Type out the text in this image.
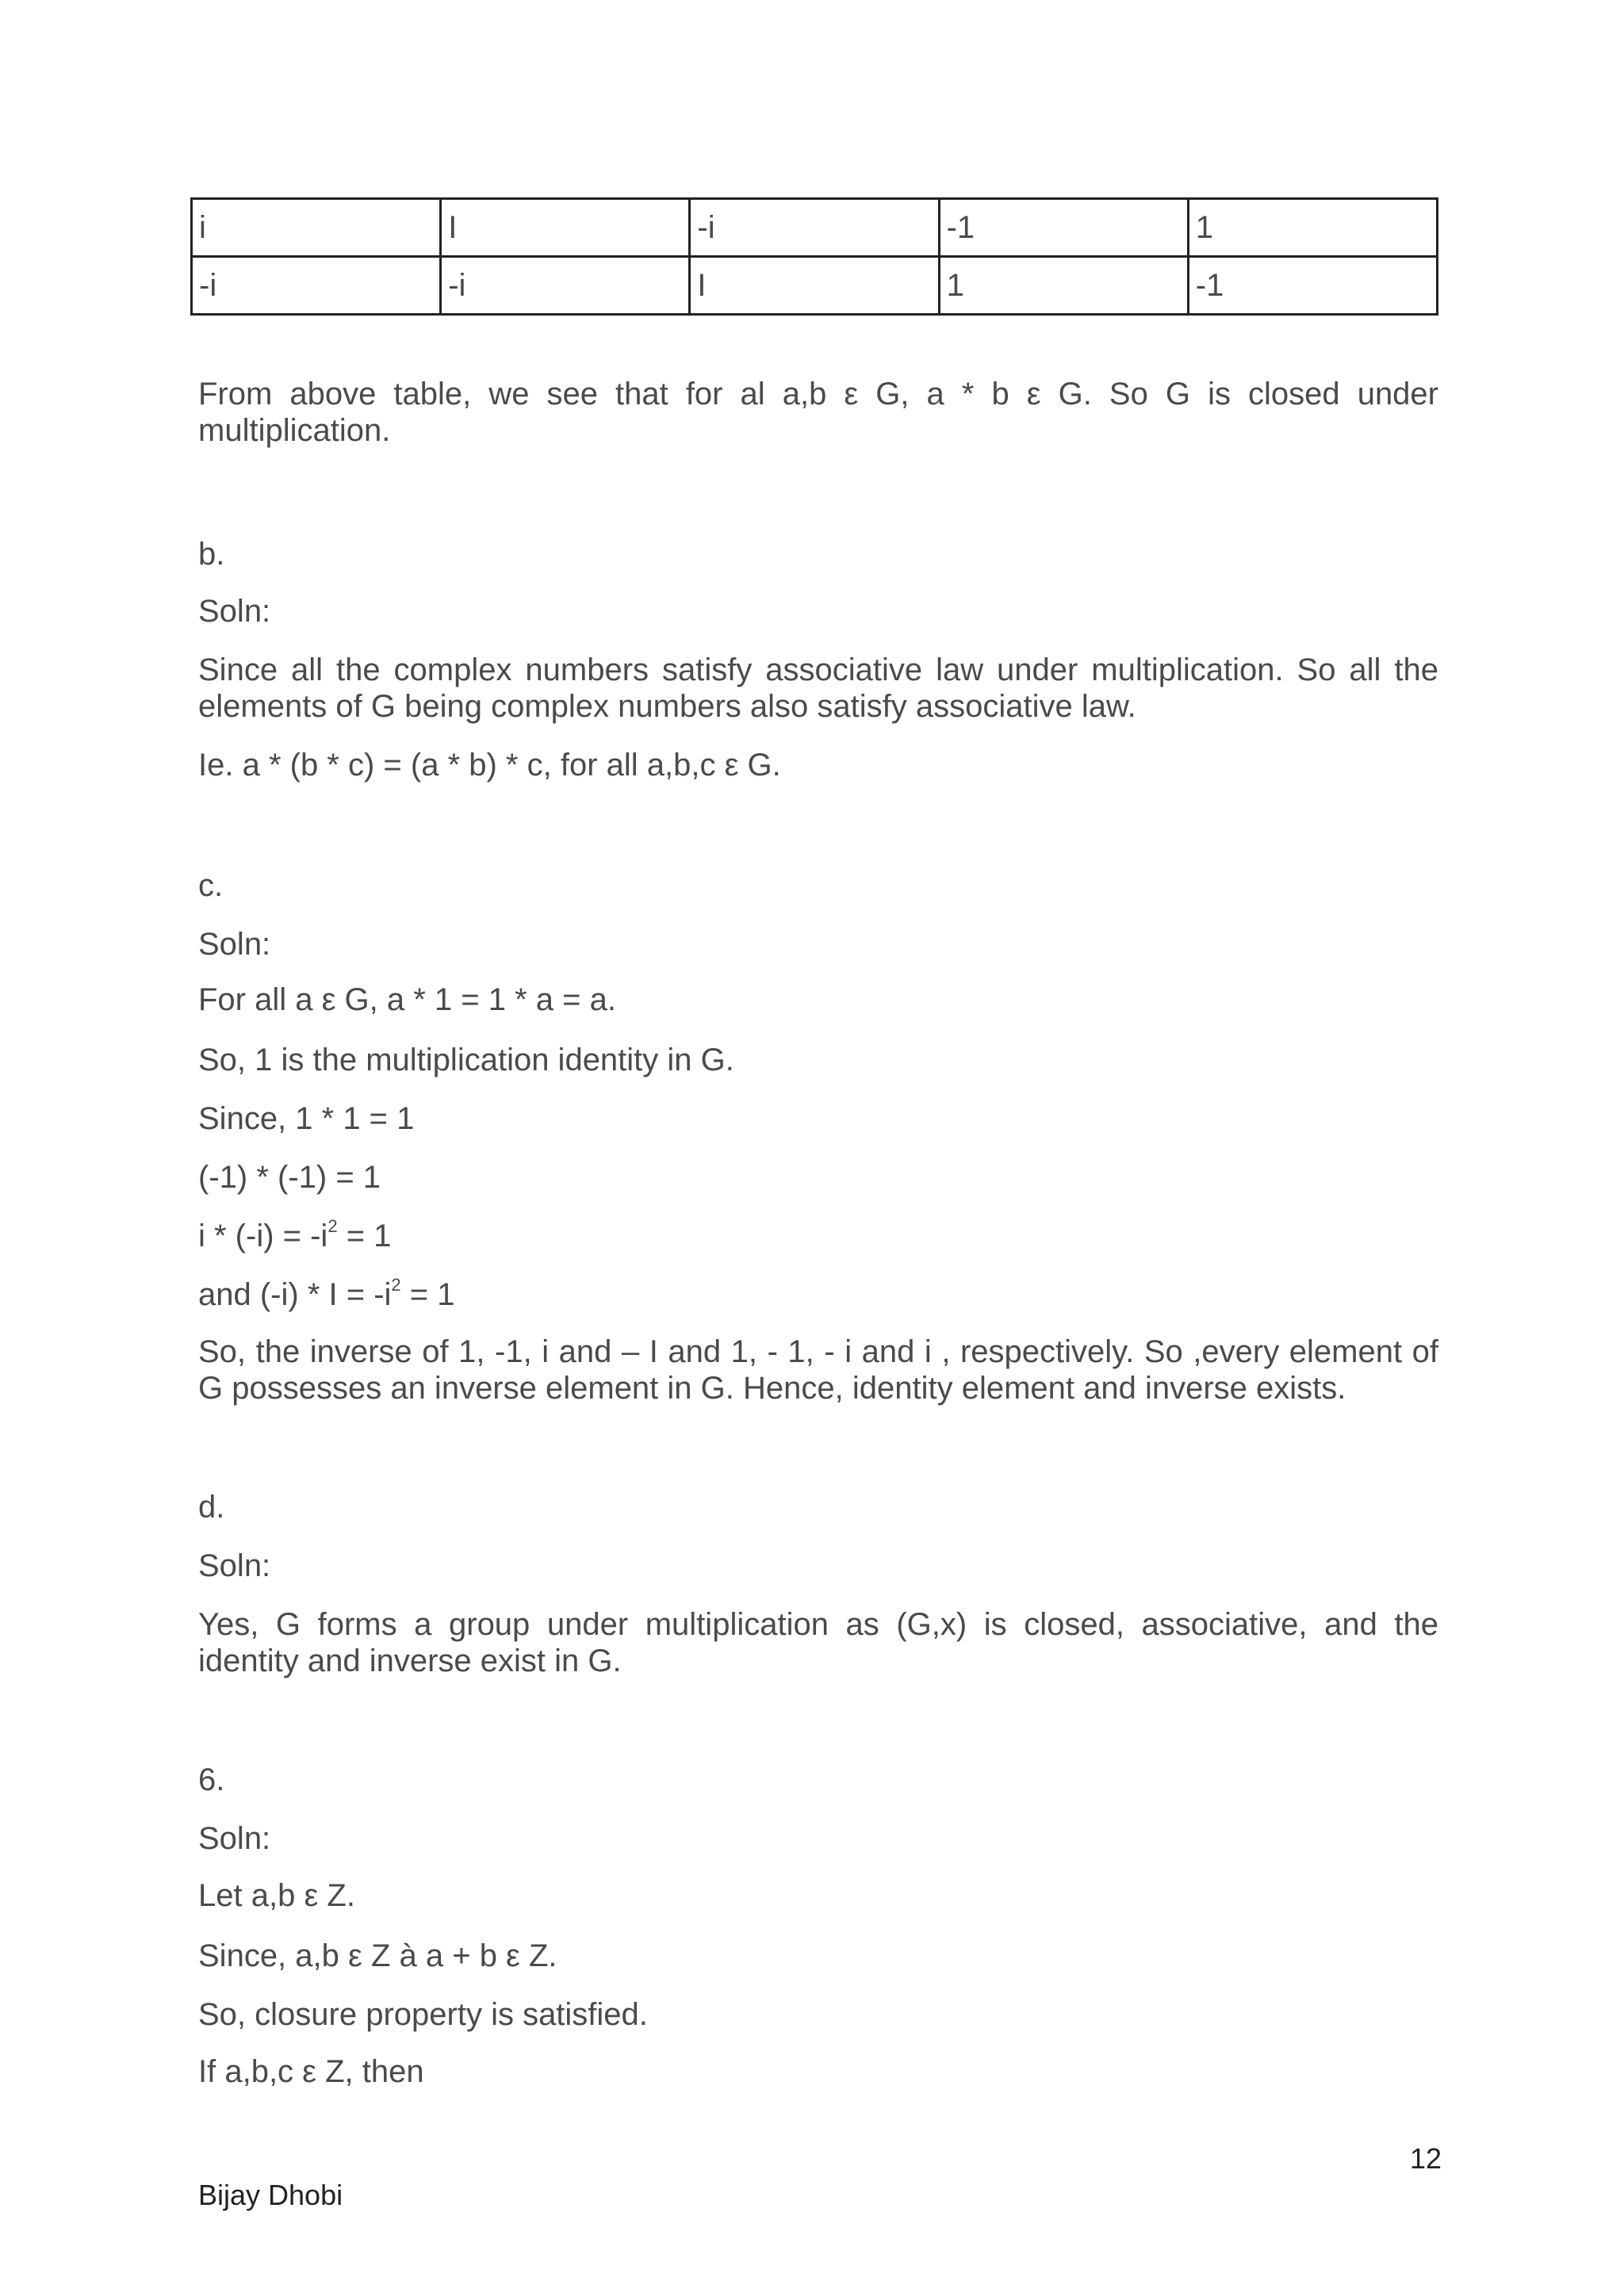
i	I	-i	-1	1
-i	-i	I	1	-1

From above table, we see that for al a,b ε G, a * b ε G. So G is closed under multiplication.

b.

Soln:

Since all the complex numbers satisfy associative law under multiplication. So all the elements of G being complex numbers also satisfy associative law.

Ie. a * (b * c) = (a * b) * c, for all a,b,c ε G.

c.

Soln:

For all a ε G, a * 1 = 1 * a = a.

So, 1 is the multiplication identity in G.

Since, 1 * 1 = 1

(-1) * (-1) = 1

$i * (-i) = -i^2 = 1$

and $(-i) * I = -i^2 = 1$

So, the inverse of 1, -1, i and – I and 1, - 1, - i and i , respectively. So ,every element of G possesses an inverse element in G. Hence, identity element and inverse exists.

d.

Soln:

Yes, G forms a group under multiplication as (G,x) is closed, associative, and the identity and inverse exist in G.

6.

Soln:

Let a,b ε Z.

Since, a,b ε Z à a + b ε Z.

So, closure property is satisfied.

If a,b,c ε Z, then

12
Bijay Dhobi
